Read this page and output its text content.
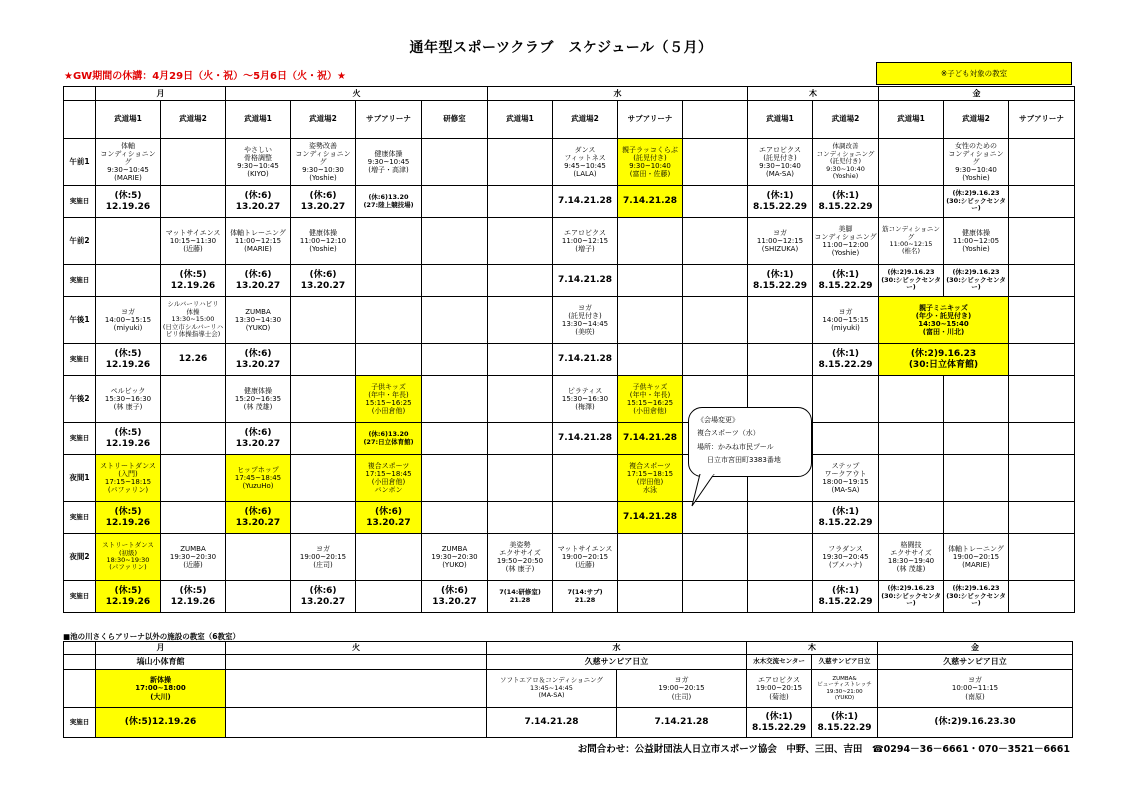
通年型スポーツクラブ　スケジュール（５月）
★GW期間の休講：4月29日（火・祝）～5月6日（火・祝）★	※子ども対象の教室
	月		火				水				木		金		
	武道場1	武道場2	武道場1	武道場2	サブアリーナ	研修室	武道場1	武道場2	サブアリーナ		武道場1	武道場2	武道場1	武道場2	サブアリーナ
午前1	体軸
コンディショニング
9:30~10:45
(MARIE)		やさしい
骨格調整
9:30~10:45
(KIYO)	姿勢改善
コンディショニング
9:30~10:30
(Yoshie)	健康体操
9:30~10:45
(増子・高津)			ダンス
フィットネス
9:45~10:45
(LALA)	親子ラッコくらぶ
(託児付き)
9:30~10:40
(富田・佐藤)		エアロビクス
(託児付き)
9:30~10:40
(MA-SA)	体調改善
コンディショニング
(託児付き)
9:30~10:40
(Yoshie)		女性のための
コンディショニング
9:30~10:40
(Yoshie)	
実施日	(休:5)
12.19.26		(休:6)
13.20.27	(休:6)
13.20.27	(休:6)13.20
(27:陸上競技場)			7.14.21.28	7.14.21.28		(休:1)
8.15.22.29	(休:1)
8.15.22.29		(休:2)9.16.23
(30:シビックセンター)	
午前2		マットサイエンス
10:15~11:30
(近藤)	体軸トレーニング
11:00~12:15
(MARIE)	健康体操
11:00~12:10
(Yoshie)				エアロビクス
11:00~12:15
(増子)			ヨガ
11:00~12:15
(SHIZUKA)	美脚
コンディショニング
11:00~12:00
(Yoshie)	筋コンディショニング
11:00~12:15
(椎名)	健康体操
11:00~12:05
(Yoshie)	
実施日		(休:5)
12.19.26	(休:6)
13.20.27	(休:6)
13.20.27				7.14.21.28			(休:1)
8.15.22.29	(休:1)
8.15.22.29	(休:2)9.16.23
(30:シビックセンター)	(休:2)9.16.23
(30:シビックセンター)	
午後1	ヨガ
14:00~15:15
(miyuki)	シルバーリハビリ
体操
13:30~15:00
(日立市シルバーリハ
ビリ体操指導士会)	ZUMBA
13:30~14:30
(YUKO)					ヨガ
(託児付き)
13:30~14:45
(美咲)				ヨガ
14:00~15:15
(miyuki)	親子ミニキッズ
(年少・託児付き)
14:30~15:40
(富田・川北)		
実施日	(休:5)
12.19.26	12.26	(休:6)
13.20.27					7.14.21.28				(休:1)
8.15.22.29	(休:2)9.16.23
(30:日立体育館)		
午後2	ペルビック
15:30~16:30
(林 康子)		健康体操
15:20~16:35
(林 茂雄)		子供キッズ
(年中・年長)
15:15~16:25
(小田倉他)			ピラティス
15:30~16:30
(梅澤)	子供キッズ
(年中・年長)
15:15~16:25
(小田倉他)						
実施日	(休:5)
12.19.26		(休:6)
13.20.27		(休:6)13.20
(27:日立体育館)			7.14.21.28	7.14.21.28						
夜間1	ストリートダンス
(入門)
17:15~18:15
(パファリン)		ヒップホップ
17:45~18:45
(YuzuHo)		複合スポーツ
17:15~18:45
(小田倉他)
バンボン				複合スポーツ
17:15~18:15
(岸田他)
水泳			ステップ
ワークアウト
18:00~19:15
(MA-SA)			
実施日	(休:5)
12.19.26		(休:6)
13.20.27		(休:6)
13.20.27				7.14.21.28			(休:1)
8.15.22.29			
夜間2	ストリートダンス
(初級)
18:30~19:30
(パファリン)	ZUMBA
19:30~20:30
(近藤)		ヨガ
19:00~20:15
(庄司)		ZUMBA
19:30~20:30
(YUKO)	美姿勢
エクササイズ
19:50~20:50
(林 康子)	マットサイエンス
19:00~20:15
(近藤)				フラダンス
19:30~20:45
(ブメハナ)	格闘技
エクササイズ
18:30~19:40
(林 茂雄)	体軸トレーニング
19:00~20:15
(MARIE)	
実施日	(休:5)
12.19.26	(休:5)
12.19.26		(休:6)
13.20.27		(休:6)
13.20.27	7(14:研修室)
21.28	7(14:サブ)
21.28				(休:1)
8.15.22.29	(休:2)9.16.23
(30:シビックセンター)	(休:2)9.16.23
(30:シビックセンター)	
《会場変更》
複合スポーツ（水）
場所：かみね市民プール
日立市宮田町3383番地
■池の川さくらアリーナ以外の施設の教室（6教室）
	月	火	水		木		金
	塙山小体育館		久慈サンピア日立		水木交流センター	久慈サンピア日立	久慈サンピア日立
	新体操
17:00~18:00
(大川)		ソフトエアロ＆コンディショニング
13:45~14:45
(MA-SA)	ヨガ
19:00~20:15
(庄司)	エアロビクス
19:00~20:15
(菊池)	ZUMBA&
ビューティストレッチ
19:30~21:00
(YUKO)	ヨガ
10:00~11:15
(南原)
実施日	(休:5)12.19.26		7.14.21.28	7.14.21.28	(休:1)
8.15.22.29	(休:1)
8.15.22.29	(休:2)9.16.23.30
お問合わせ：公益財団法人日立市スポーツ協会　中野、三田、吉田　☎0294－36－6661・070－3521－6661
